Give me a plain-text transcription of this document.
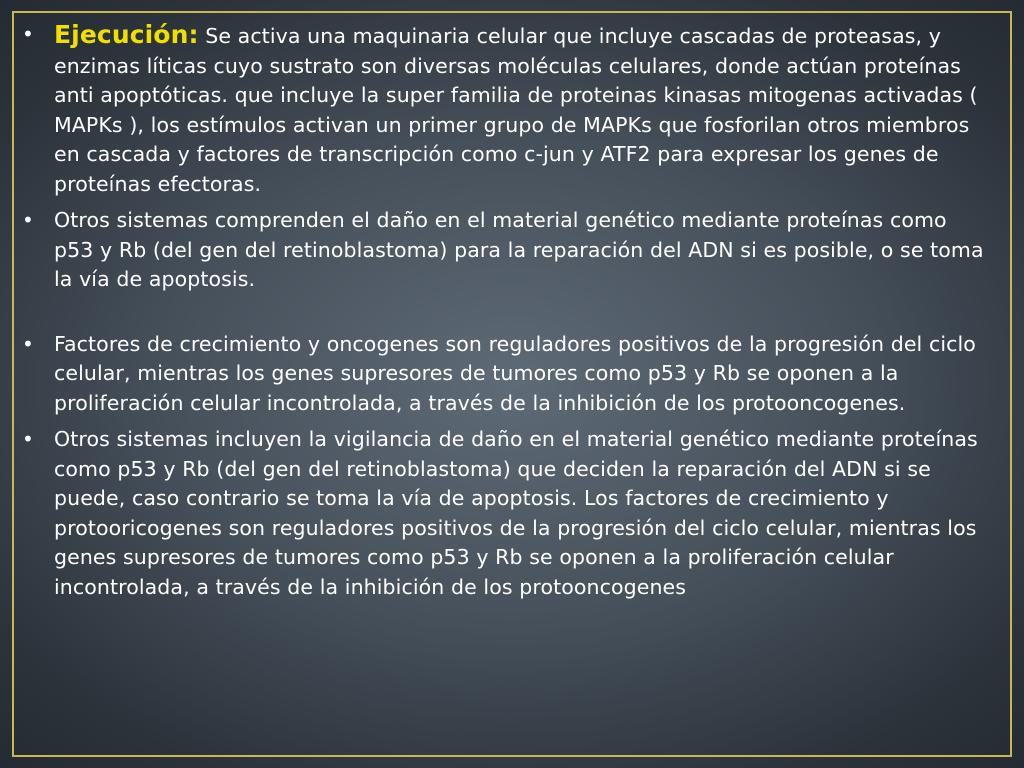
• Ejecución: Se activa una maquinaria celular que incluye cascadas de proteasas, y enzimas líticas cuyo sustrato son diversas moléculas celulares, donde actúan proteínas anti apoptóticas. que incluye la super familia de proteinas kinasas mitogenas activadas ( MAPKs ), los estímulos activan un primer grupo de MAPKs que fosforilan otros miembros en cascada y factores de transcripción como c-jun y ATF2 para expresar los genes de proteínas efectoras.
• Otros sistemas comprenden el daño en el material genético mediante proteínas como p53 y Rb (del gen del retinoblastoma) para la reparación del ADN si es posible, o se toma la vía de apoptosis.
• Factores de crecimiento y oncogenes son reguladores positivos de la progresión del ciclo celular, mientras los genes supresores de tumores como p53 y Rb se oponen a la proliferación celular incontrolada, a través de la inhibición de los protooncogenes.
• Otros sistemas incluyen la vigilancia de daño en el material genético mediante proteínas como p53 y Rb (del gen del retinoblastoma) que deciden la reparación del ADN si se puede, caso contrario se toma la vía de apoptosis. Los factores de crecimiento y protooricogenes son reguladores positivos de la progresión del ciclo celular, mientras los genes supresores de tumores como p53 y Rb se oponen a la proliferación celular incontrolada, a través de la inhibición de los protooncogenes
